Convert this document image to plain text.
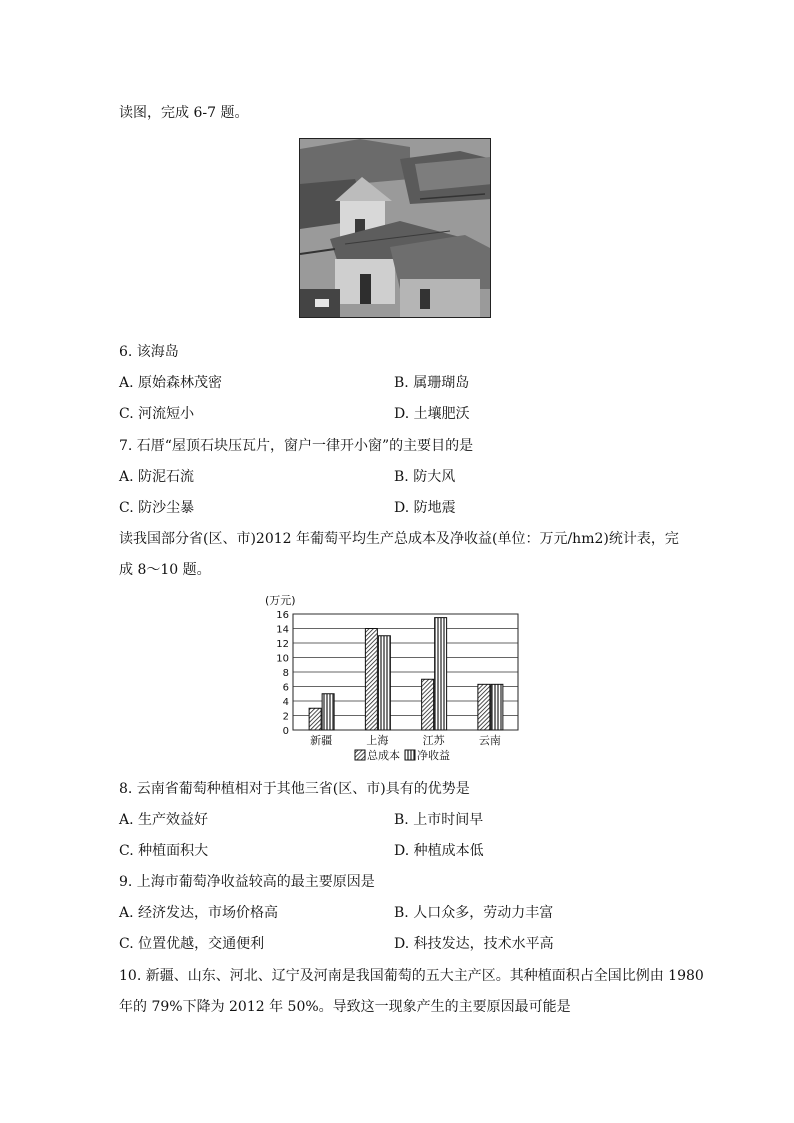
读图，完成 6-7 题。
6. 该海岛
A. 原始森林茂密	B. 属珊瑚岛
C. 河流短小	D. 土壤肥沃
7. 石厝“屋顶石块压瓦片，窗户一律开小窗”的主要目的是
A. 防泥石流	B. 防大风
C. 防沙尘暴	D. 防地震
读我国部分省(区、市)2012 年葡萄平均生产总成本及净收益(单位：万元/hm2)统计表，完
成 8～10 题。
0
2
4
6
8
10
12
14
16
(万元)
新疆	上海	江苏	云南
总成本 净收益
8. 云南省葡萄种植相对于其他三省(区、市)具有的优势是
A. 生产效益好	B. 上市时间早
C. 种植面积大	D. 种植成本低
9. 上海市葡萄净收益较高的最主要原因是
A. 经济发达，市场价格高	B. 人口众多，劳动力丰富
C. 位置优越，交通便利	D. 科技发达，技术水平高
10. 新疆、山东、河北、辽宁及河南是我国葡萄的五大主产区。其种植面积占全国比例由 1980
年的 79%下降为 2012 年 50%。导致这一现象产生的主要原因最可能是
